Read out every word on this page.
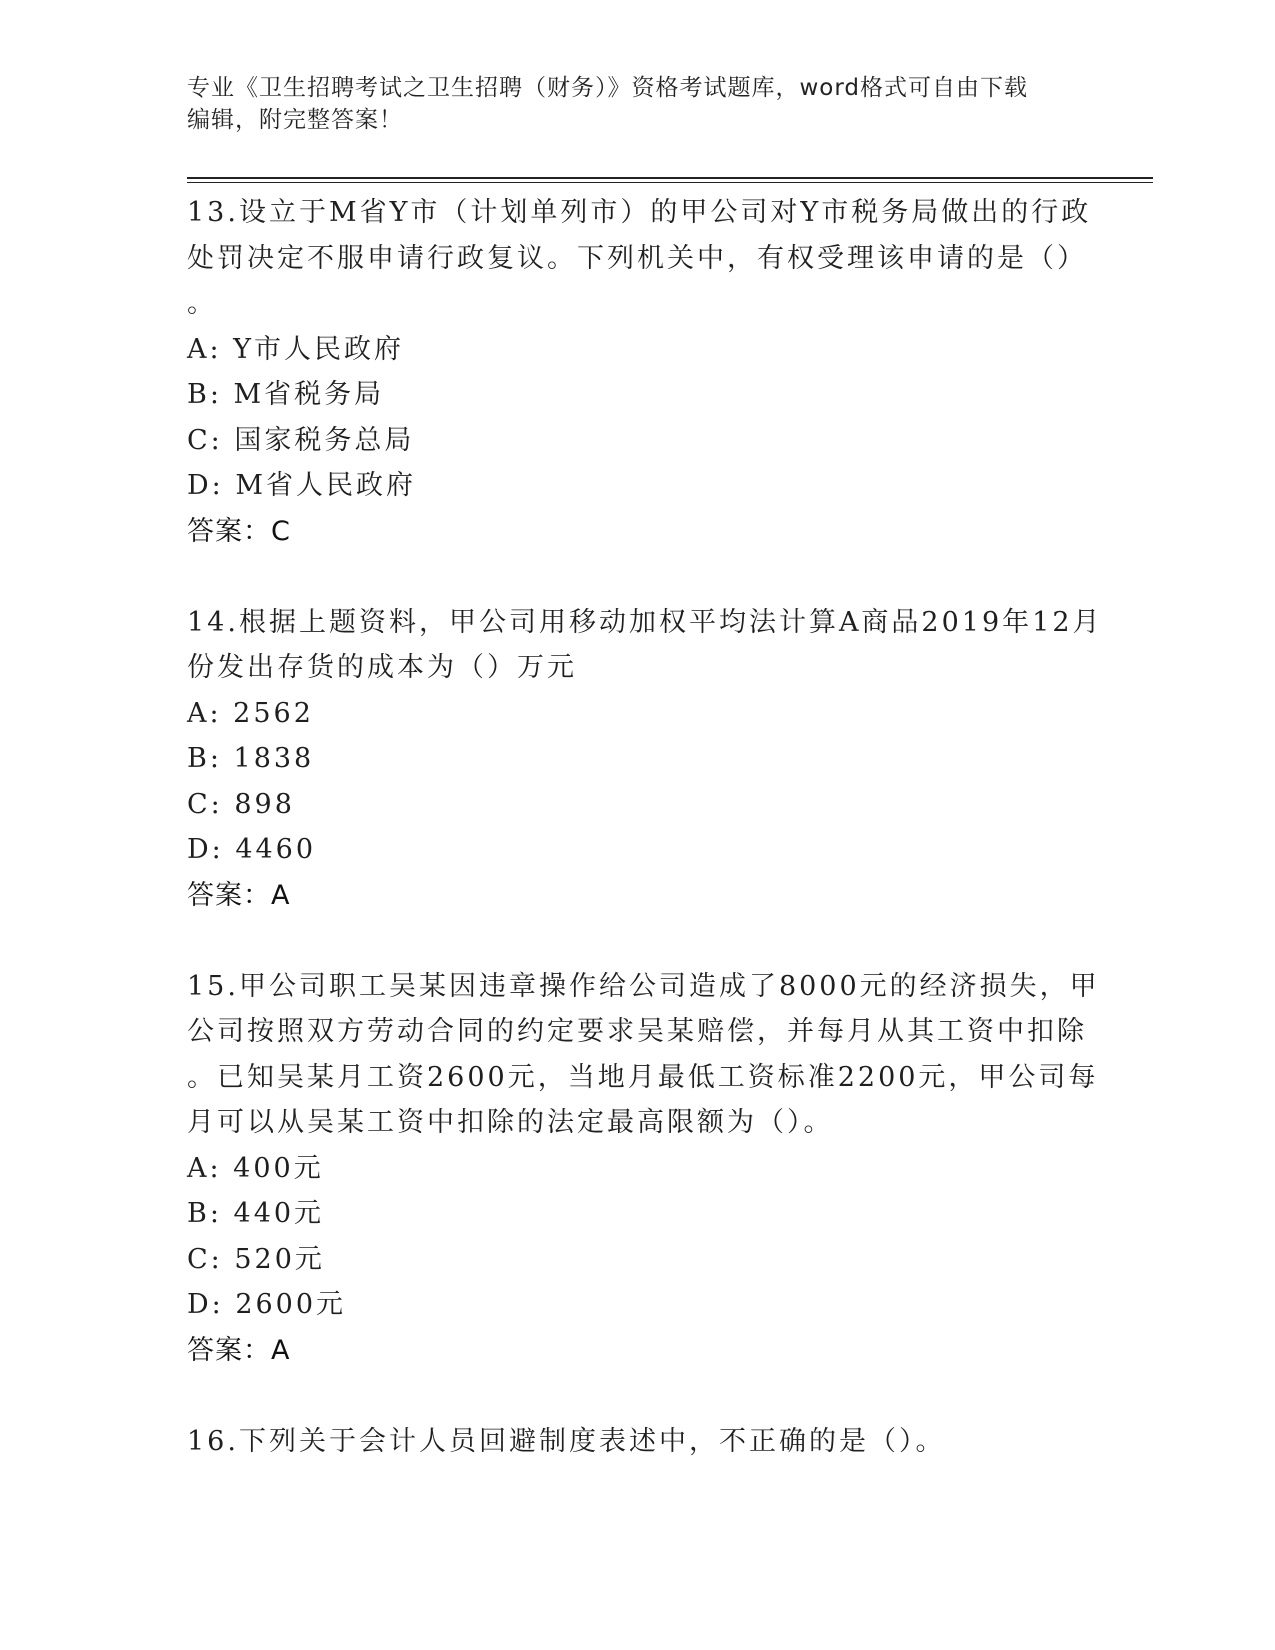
专业《卫生招聘考试之卫生招聘（财务）》资格考试题库，word格式可自由下载
编辑，附完整答案！
13.设立于M省Y市（计划单列市）的甲公司对Y市税务局做出的行政
处罚决定不服申请行政复议。下列机关中，有权受理该申请的是（）
。
A: Y市人民政府
B: M省税务局
C: 国家税务总局
D: M省人民政府
答案：C
14.根据上题资料，甲公司用移动加权平均法计算A商品2019年12月
份发出存货的成本为（）万元
A: 2562
B: 1838
C: 898
D: 4460
答案：A
15.甲公司职工吴某因违章操作给公司造成了8000元的经济损失，甲
公司按照双方劳动合同的约定要求吴某赔偿，并每月从其工资中扣除
。已知吴某月工资2600元，当地月最低工资标准2200元，甲公司每
月可以从吴某工资中扣除的法定最高限额为（）。
A: 400元
B: 440元
C: 520元
D: 2600元
答案：A
16.下列关于会计人员回避制度表述中，不正确的是（）。
